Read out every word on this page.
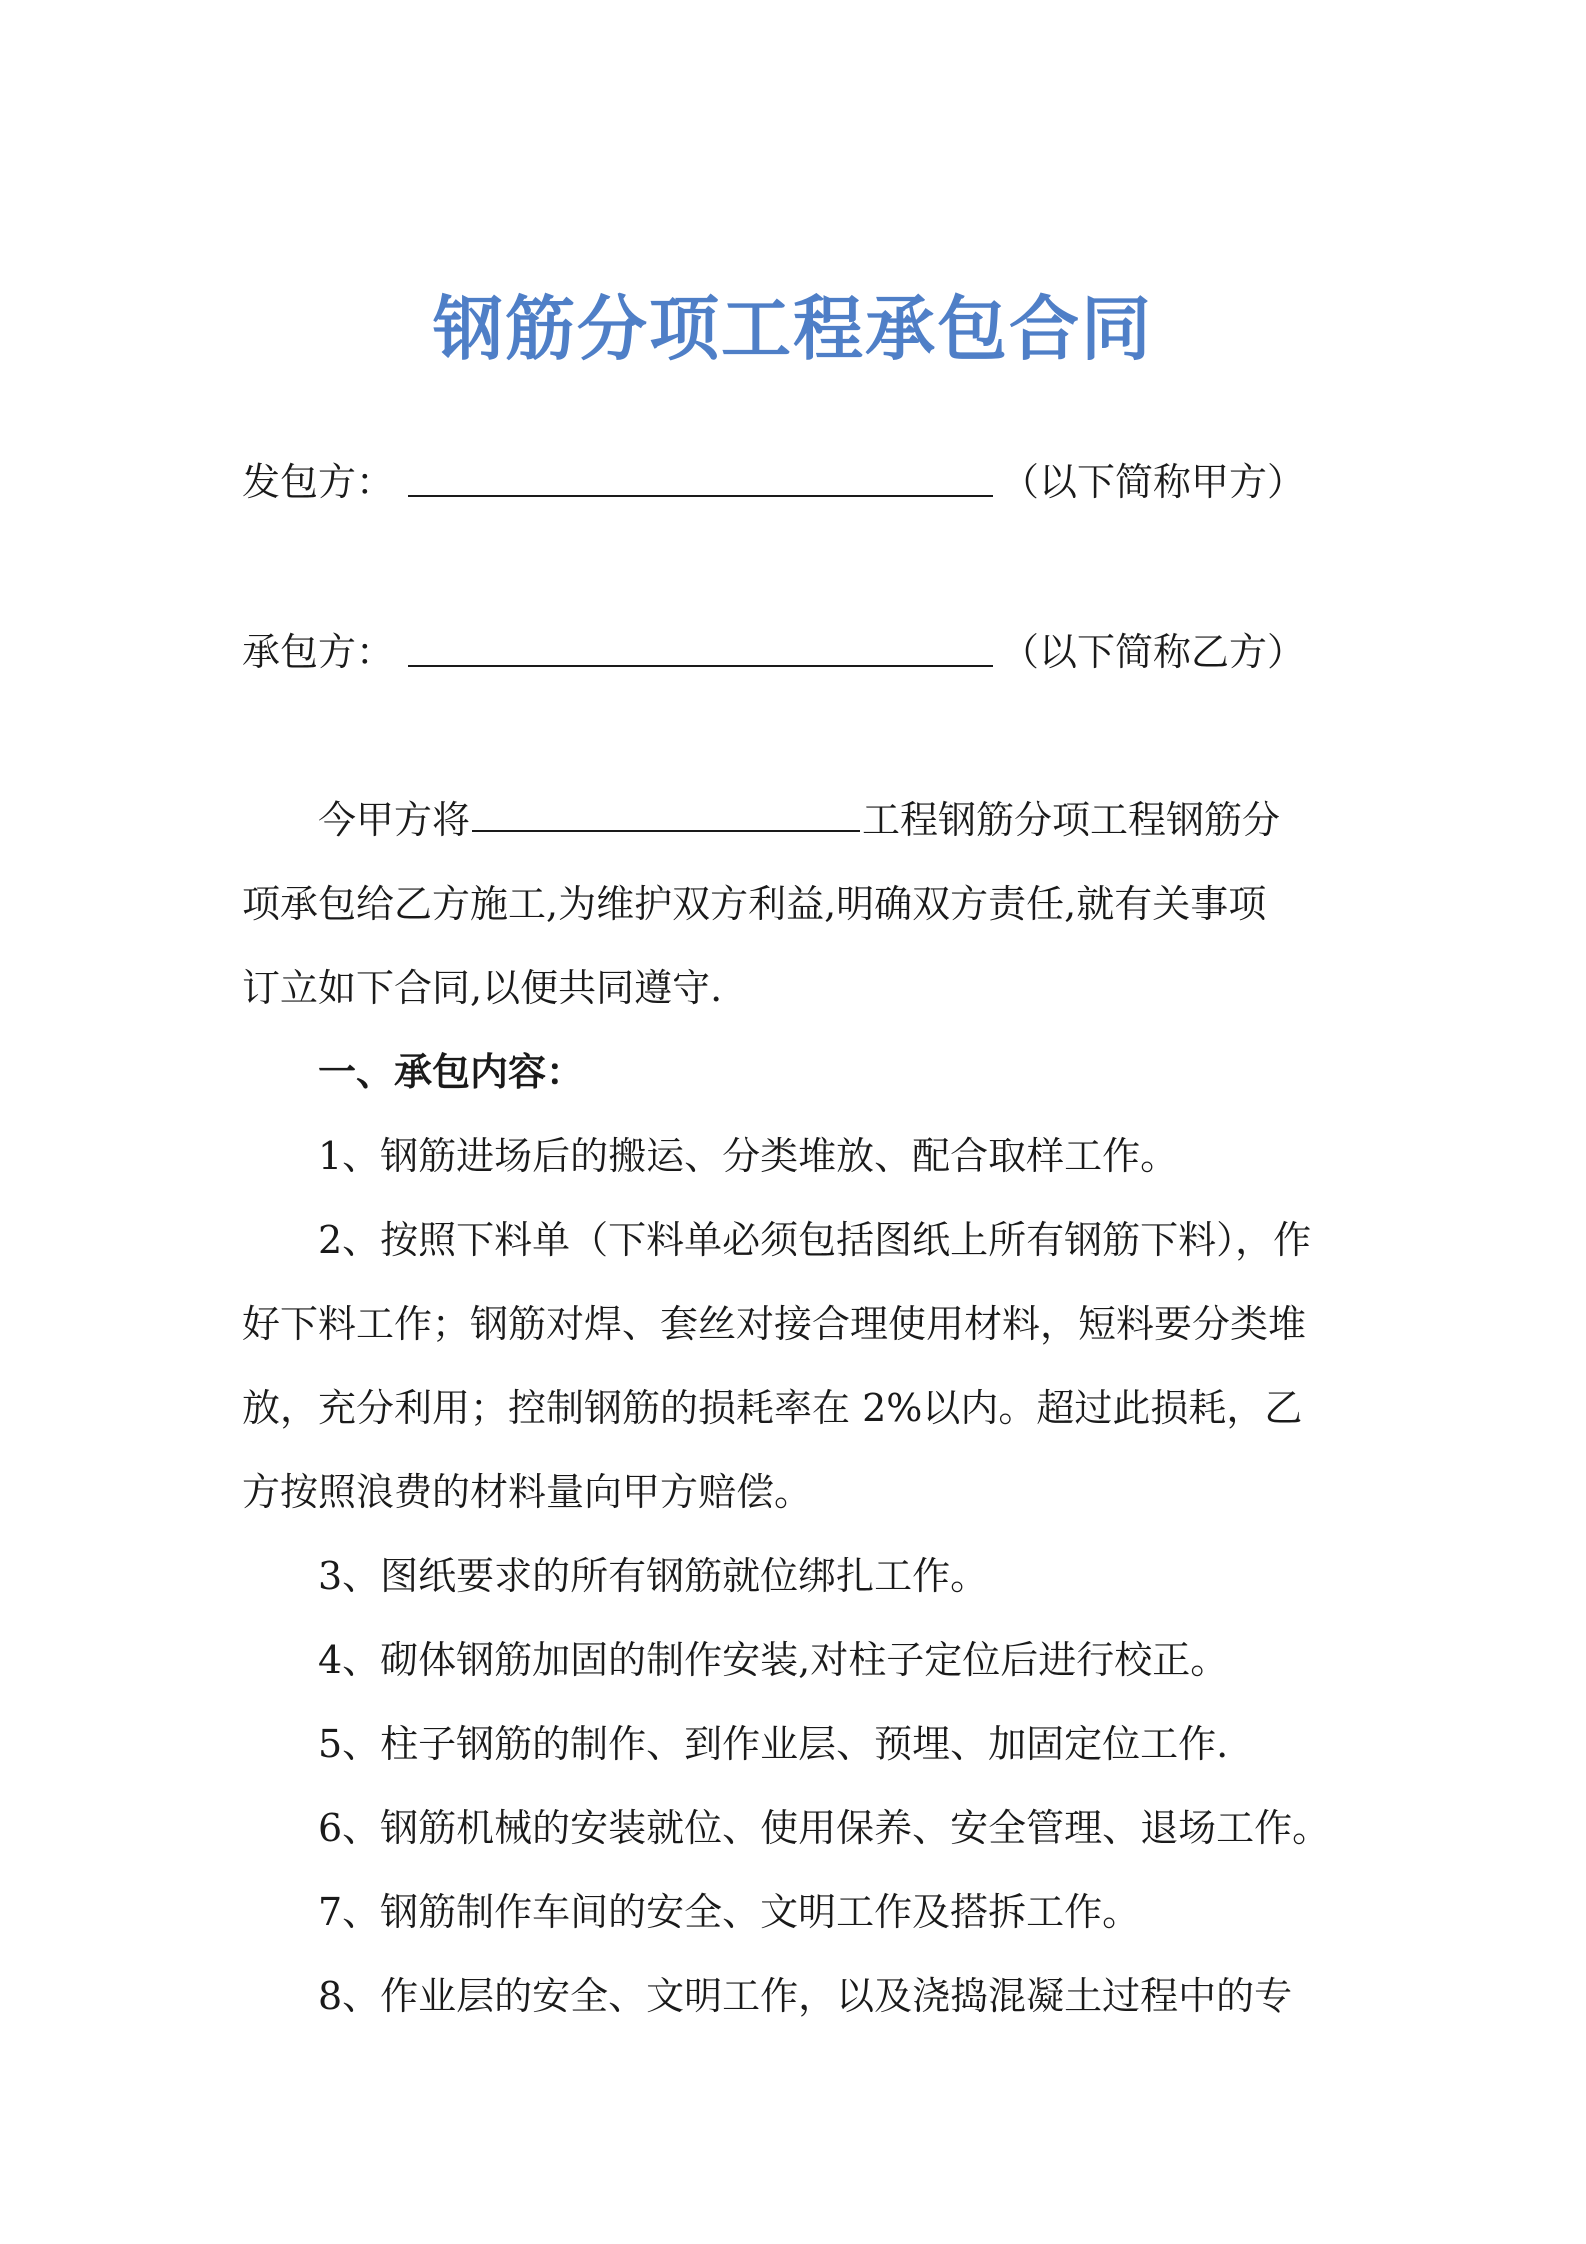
钢筋分项工程承包合同
发包方：	（以下简称甲方）
承包方：	（以下简称乙方）
今甲方将	工程钢筋分项工程钢筋分
项承包给乙方施工,为维护双方利益,明确双方责任,就有关事项
订立如下合同,以便共同遵守.
一、承包内容：
1、钢筋进场后的搬运、分类堆放、配合取样工作。
2、按照下料单（下料单必须包括图纸上所有钢筋下料），作
好下料工作；钢筋对焊、套丝对接合理使用材料，短料要分类堆
放，充分利用；控制钢筋的损耗率在 2%以内。超过此损耗，乙
方按照浪费的材料量向甲方赔偿。
3、图纸要求的所有钢筋就位绑扎工作。
4、砌体钢筋加固的制作安装,对柱子定位后进行校正。
5、柱子钢筋的制作、到作业层、预埋、加固定位工作.
6、钢筋机械的安装就位、使用保养、安全管理、退场工作。
7、钢筋制作车间的安全、文明工作及搭拆工作。
8、作业层的安全、文明工作，以及浇捣混凝土过程中的专
